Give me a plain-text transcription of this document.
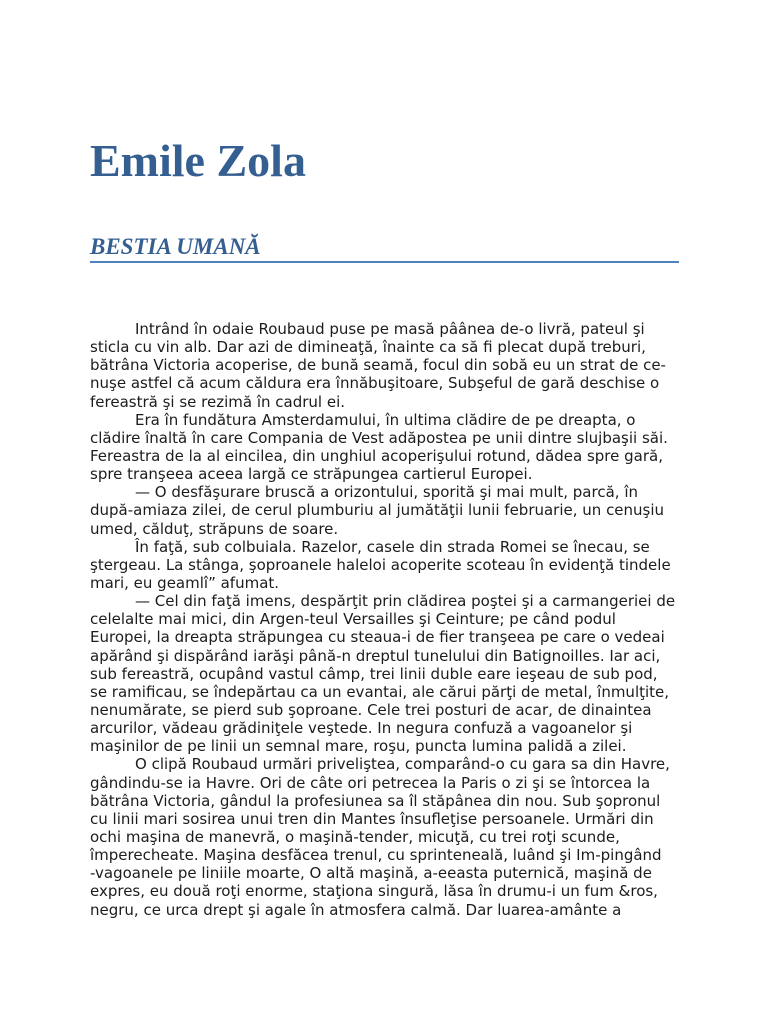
Emile Zola
BESTIA UMANĂ
Intrând în odaie Roubaud puse pe masă pâânea de-o livră, pateul şi
sticla cu vin alb. Dar azi de dimineaţă, înainte ca să fi plecat după treburi,
bătrâna Victoria acoperise, de bună seamă, focul din sobă eu un strat de ce-
nuşe astfel că acum căldura era înnăbuşitoare, Subşeful de gară deschise o
fereastră şi se rezimă în cadrul ei.
Era în fundătura Amsterdamului, în ultima clădire de pe dreapta, o
clădire înaltă în care Compania de Vest adăpostea pe unii dintre slujbaşii săi.
Fereastra de la al eincilea, din unghiul acoperişului rotund, dădea spre gară,
spre tranşeea aceea largă ce străpungea cartierul Europei.
— O desfăşurare bruscă a orizontului, sporită şi mai mult, parcă, în
după-amiaza zilei, de cerul plumburiu al jumătăţii lunii februarie, un cenuşiu
umed, călduţ, străpuns de soare.
În faţă, sub colbuiala. Razelor, casele din strada Romei se înecau, se
ştergeau. La stânga, şoproanele haleloi acoperite scoteau în evidenţă tindele
mari, eu geamlî” afumat.
— Cel din faţă imens, despărţit prin clădirea poştei şi a carmangeriei de
celelalte mai mici, din Argen-teul Versailles şi Ceinture; pe când podul
Europei, la dreapta străpungea cu steaua-i de fier tranşeea pe care o vedeai
apărând şi dispărând iarăşi până-n dreptul tunelului din Batignoilles. Iar aci,
sub fereastră, ocupând vastul câmp, trei linii duble eare ieşeau de sub pod,
se ramificau, se îndepărtau ca un evantai, ale cărui părţi de metal, înmulţite,
nenumărate, se pierd sub şoproane. Cele trei posturi de acar, de dinaintea
arcurilor, vădeau grădiniţele veştede. In negura confuză a vagoanelor şi
maşinilor de pe linii un semnal mare, roşu, puncta lumina palidă a zilei.
O clipă Roubaud urmări priveliştea, comparând-o cu gara sa din Havre,
gândindu-se ia Havre. Ori de câte ori petrecea la Paris o zi şi se întorcea la
bătrâna Victoria, gândul la profesiunea sa îl stăpânea din nou. Sub şopronul
cu linii mari sosirea unui tren din Mantes însufleţise persoanele. Urmări din
ochi maşina de manevră, o maşină-tender, micuţă, cu trei roţi scunde,
împerecheate. Maşina desfăcea trenul, cu sprinteneală, luând şi Im-pingând
-vagoanele pe liniile moarte, O altă maşină, a-eeasta puternică, maşină de
expres, eu două roţi enorme, staţiona singură, lăsa în drumu-i un fum &ros,
negru, ce urca drept şi agale în atmosfera calmă. Dar luarea-amânte a
